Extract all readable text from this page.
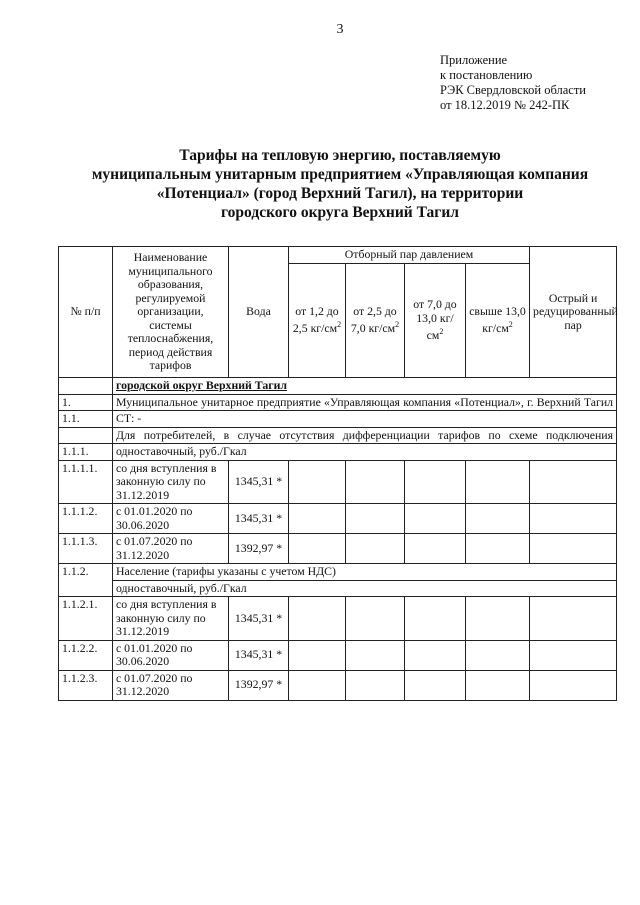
3
Приложение
к постановлению
РЭК Свердловской области
от 18.12.2019 № 242-ПК
Тарифы на тепловую энергию, поставляемую
муниципальным унитарным предприятием «Управляющая компания
«Потенциал» (город Верхний Тагил), на территории
городского округа Верхний Тагил
№ п/п	Наименование муниципального образования, регулируемой организации, системы теплоснабжения, период действия тарифов	Вода	Отборный пар давлением				Острый и редуцированный пар
			от 1,2 до 2,5 $кг/см^2$	от 2,5 до 7,0 $кг/см^2$	от 7,0 до 13,0 $кг/см^2$	свыше 13,0 $кг/см^2$
	городской округ Верхний Тагил						
1.	Муниципальное унитарное предприятие «Управляющая компания «Потенциал», г. Верхний Тагил						
1.1.	СТ: -						
	Для потребителей, в случае отсутствия дифференциации тарифов по схеме подключения						
1.1.1.	одноставочный, руб./Гкал						
1.1.1.1.	со дня вступления в законную силу по 31.12.2019	1345,31 *					
1.1.1.2.	с 01.01.2020 по 30.06.2020	1345,31 *					
1.1.1.3.	с 01.07.2020 по 31.12.2020	1392,97 *					
1.1.2.	Население (тарифы указаны с учетом НДС)						
	одноставочный, руб./Гкал						
1.1.2.1.	со дня вступления в законную силу по 31.12.2019	1345,31 *					
1.1.2.2.	с 01.01.2020 по 30.06.2020	1345,31 *					
1.1.2.3.	с 01.07.2020 по 31.12.2020	1392,97 *					
